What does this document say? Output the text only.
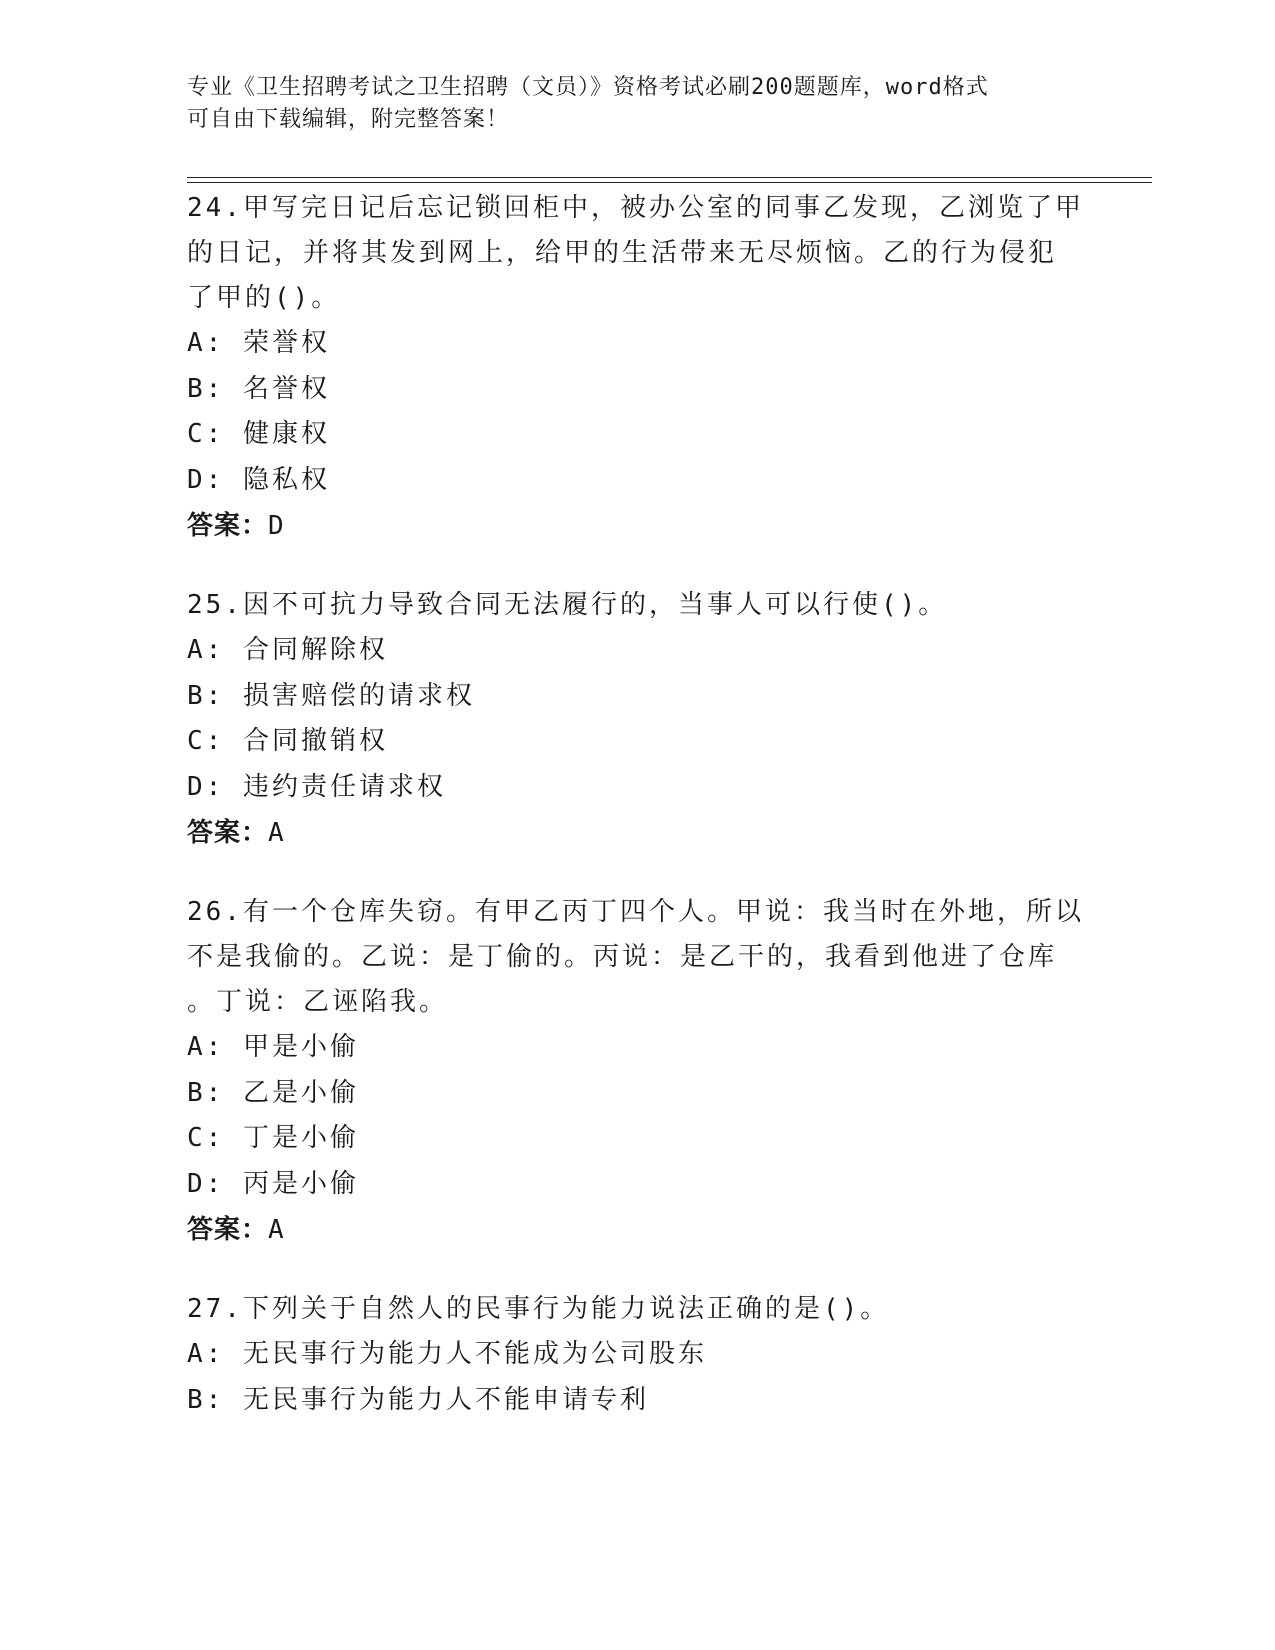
专业《卫生招聘考试之卫生招聘（文员）》资格考试必刷200题题库，word格式
可自由下载编辑，附完整答案！
24.甲写完日记后忘记锁回柜中，被办公室的同事乙发现，乙浏览了甲
的日记，并将其发到网上，给甲的生活带来无尽烦恼。乙的行为侵犯
了甲的()。
A: 荣誉权
B: 名誉权
C: 健康权
D: 隐私权
答案：D
25.因不可抗力导致合同无法履行的，当事人可以行使()。
A: 合同解除权
B: 损害赔偿的请求权
C: 合同撤销权
D: 违约责任请求权
答案：A
26.有一个仓库失窃。有甲乙丙丁四个人。甲说：我当时在外地，所以
不是我偷的。乙说：是丁偷的。丙说：是乙干的，我看到他进了仓库
。丁说：乙诬陷我。
A: 甲是小偷
B: 乙是小偷
C: 丁是小偷
D: 丙是小偷
答案：A
27.下列关于自然人的民事行为能力说法正确的是()。
A: 无民事行为能力人不能成为公司股东
B: 无民事行为能力人不能申请专利
